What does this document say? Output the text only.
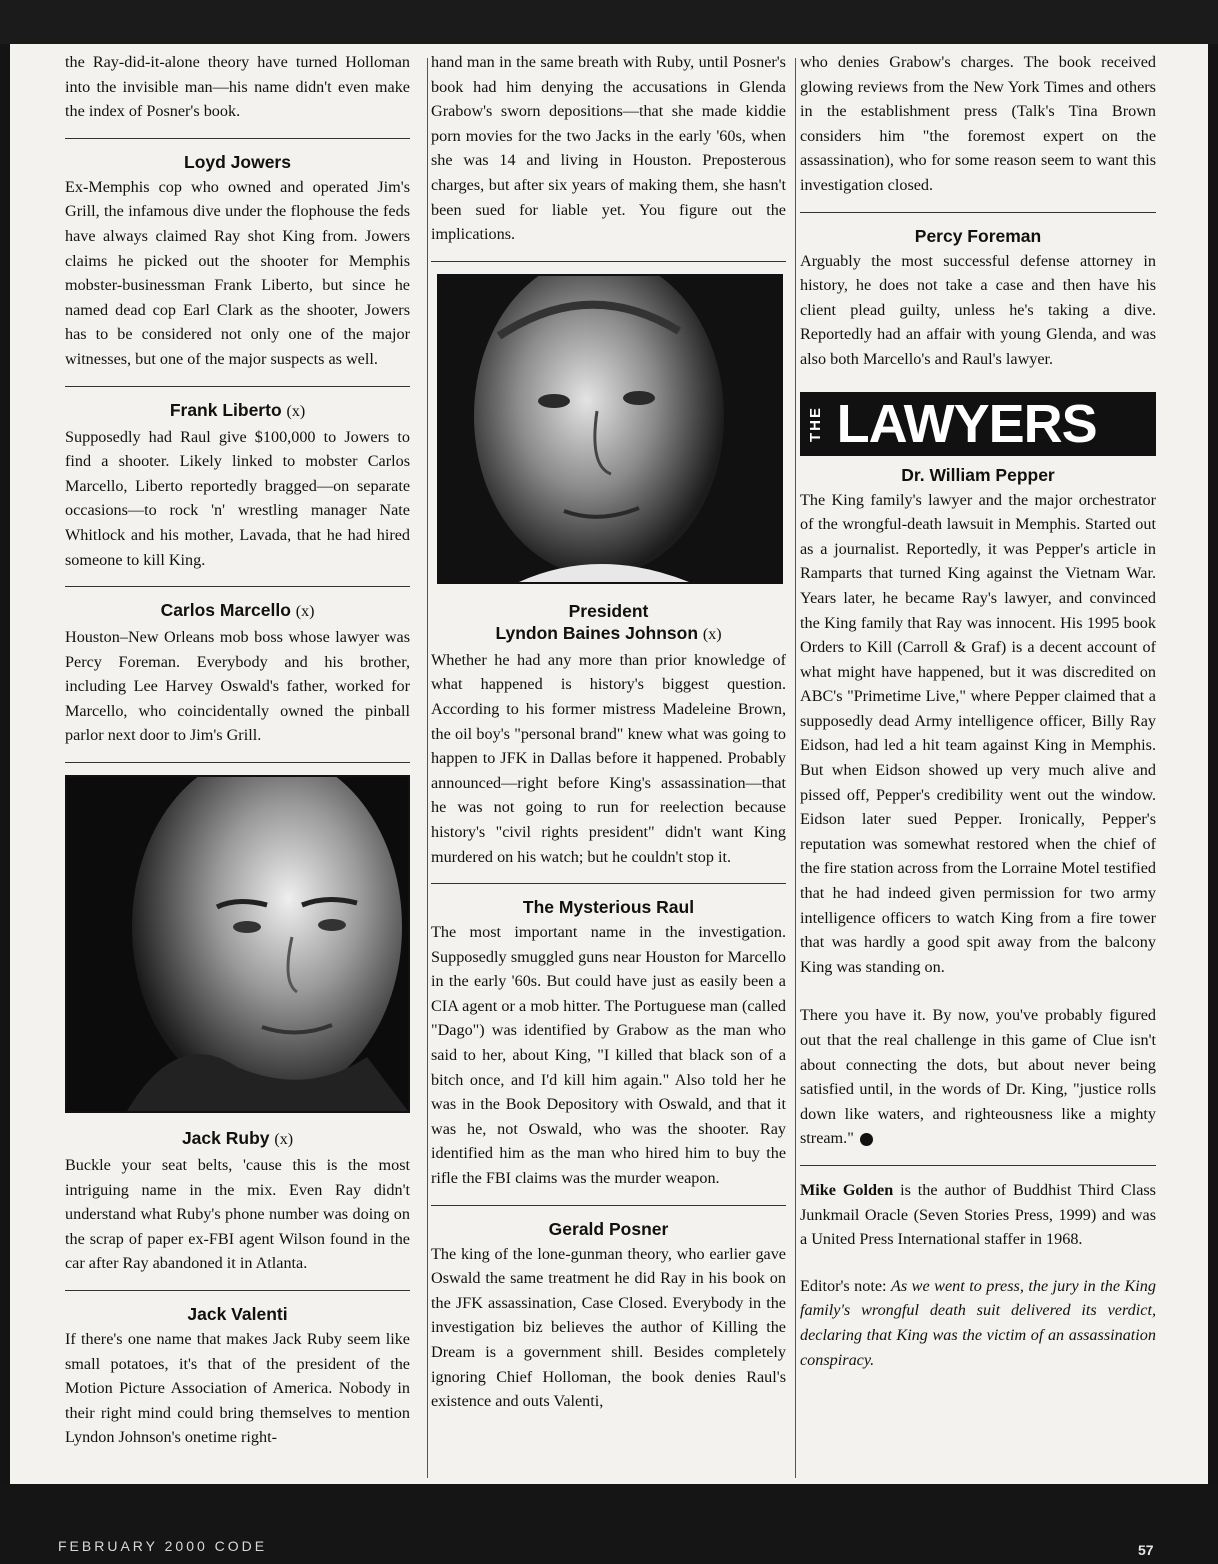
the Ray-did-it-alone theory have turned Holloman into the invisible man—his name didn't even make the index of Posner's book.

Loyd Jowers

Ex-Memphis cop who owned and operated Jim's Grill, the infamous dive under the flophouse the feds have always claimed Ray shot King from. Jowers claims he picked out the shooter for Memphis mobster-businessman Frank Liberto, but since he named dead cop Earl Clark as the shooter, Jowers has to be considered not only one of the major witnesses, but one of the major suspects as well.

Frank Liberto (x)

Supposedly had Raul give $100,000 to Jowers to find a shooter. Likely linked to mobster Carlos Marcello, Liberto reportedly bragged—on separate occasions—to rock 'n' wrestling manager Nate Whitlock and his mother, Lavada, that he had hired someone to kill King.

Carlos Marcello (x)

Houston–New Orleans mob boss whose lawyer was Percy Foreman. Everybody and his brother, including Lee Harvey Oswald's father, worked for Marcello, who coincidentally owned the pinball parlor next door to Jim's Grill.

Jack Ruby (x)

Buckle your seat belts, 'cause this is the most intriguing name in the mix. Even Ray didn't understand what Ruby's phone number was doing on the scrap of paper ex-FBI agent Wilson found in the car after Ray abandoned it in Atlanta.

Jack Valenti

If there's one name that makes Jack Ruby seem like small potatoes, it's that of the president of the Motion Picture Association of America. Nobody in their right mind could bring themselves to mention Lyndon Johnson's onetime right-

hand man in the same breath with Ruby, until Posner's book had him denying the accusations in Glenda Grabow's sworn depositions—that she made kiddie porn movies for the two Jacks in the early '60s, when she was 14 and living in Houston. Preposterous charges, but after six years of making them, she hasn't been sued for liable yet. You figure out the implications.

President
Lyndon Baines Johnson (x)

Whether he had any more than prior knowledge of what happened is history's biggest question. According to his former mistress Madeleine Brown, the oil boy's "personal brand" knew what was going to happen to JFK in Dallas before it happened. Probably announced—right before King's assassination—that he was not going to run for reelection because history's "civil rights president" didn't want King murdered on his watch; but he couldn't stop it.

The Mysterious Raul

The most important name in the investigation. Supposedly smuggled guns near Houston for Marcello in the early '60s. But could have just as easily been a CIA agent or a mob hitter. The Portuguese man (called "Dago") was identified by Grabow as the man who said to her, about King, "I killed that black son of a bitch once, and I'd kill him again." Also told her he was in the Book Depository with Oswald, and that it was he, not Oswald, who was the shooter. Ray identified him as the man who hired him to buy the rifle the FBI claims was the murder weapon.

Gerald Posner

The king of the lone-gunman theory, who earlier gave Oswald the same treatment he did Ray in his book on the JFK assassination, Case Closed. Everybody in the investigation biz believes the author of Killing the Dream is a government shill. Besides completely ignoring Chief Holloman, the book denies Raul's existence and outs Valenti,

who denies Grabow's charges. The book received glowing reviews from the New York Times and others in the establishment press (Talk's Tina Brown considers him "the foremost expert on the assassination), who for some reason seem to want this investigation closed.

Percy Foreman

Arguably the most successful defense attorney in history, he does not take a case and then have his client plead guilty, unless he's taking a dive. Reportedly had an affair with young Glenda, and was also both Marcello's and Raul's lawyer.

THE LAWYERS
Dr. William Pepper

The King family's lawyer and the major orchestrator of the wrongful-death lawsuit in Memphis. Started out as a journalist. Reportedly, it was Pepper's article in Ramparts that turned King against the Vietnam War. Years later, he became Ray's lawyer, and convinced the King family that Ray was innocent. His 1995 book Orders to Kill (Carroll & Graf) is a decent account of what might have happened, but it was discredited on ABC's "Primetime Live," where Pepper claimed that a supposedly dead Army intelligence officer, Billy Ray Eidson, had led a hit team against King in Memphis. But when Eidson showed up very much alive and pissed off, Pepper's credibility went out the window. Eidson later sued Pepper. Ironically, Pepper's reputation was somewhat restored when the chief of the fire station across from the Lorraine Motel testified that he had indeed given permission for two army intelligence officers to watch King from a fire tower that was hardly a good spit away from the balcony King was standing on.

There you have it. By now, you've probably figured out that the real challenge in this game of Clue isn't about connecting the dots, but about never being satisfied until, in the words of Dr. King, "justice rolls down like waters, and righteousness like a mighty stream."

Mike Golden is the author of Buddhist Third Class Junkmail Oracle (Seven Stories Press, 1999) and was a United Press International staffer in 1968.

Editor's note: As we went to press, the jury in the King family's wrongful death suit delivered its verdict, declaring that King was the victim of an assassination conspiracy.

FEBRUARY 2000 CODE	57
